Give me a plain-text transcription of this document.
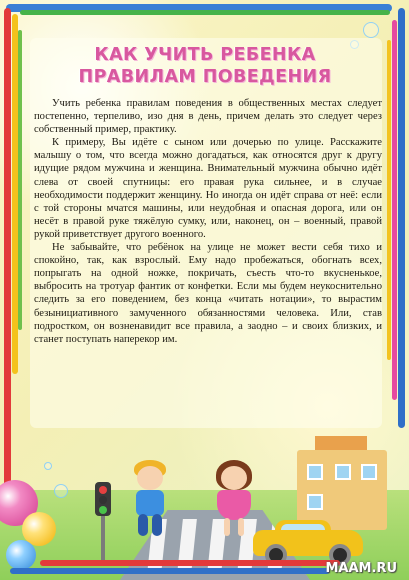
КАК УЧИТЬ РЕБЕНКА
ПРАВИЛАМ ПОВЕДЕНИЯ

Учить ребенка правилам поведения в общественных местах следует постепенно, терпеливо, изо дня в день, причем делать это следует через собственный пример, практику.

К примеру, Вы идёте с сыном или дочерью по улице. Расскажите малышу о том, что всегда можно догадаться, как относятся друг к другу идущие рядом мужчина и женщина. Внимательный мужчина обычно идёт слева от своей спутницы: его правая рука сильнее, и в случае необходимости поддержит женщину. Но иногда он идёт справа от неё: если с той стороны мчатся машины, или неудобная и опасная дорога, или он несёт в правой руке тяжёлую сумку, или, наконец, он – военный, правой рукой приветствует другого военного.

Не забывайте, что ребёнок на улице не может вести себя тихо и спокойно, так, как взрослый. Ему надо пробежаться, обогнать всех, попрыгать на одной ножке, покричать, съесть что-то вкусненькое, выбросить на тротуар фантик от конфетки. Если мы будем неукоснительно следить за его поведением, без конца «читать нотации», то вырастим безынициативного замученного обязанностями человека. Или, став подростком, он возненавидит все правила, а заодно – и своих близких, и станет поступать наперекор им.

MAAM.RU
